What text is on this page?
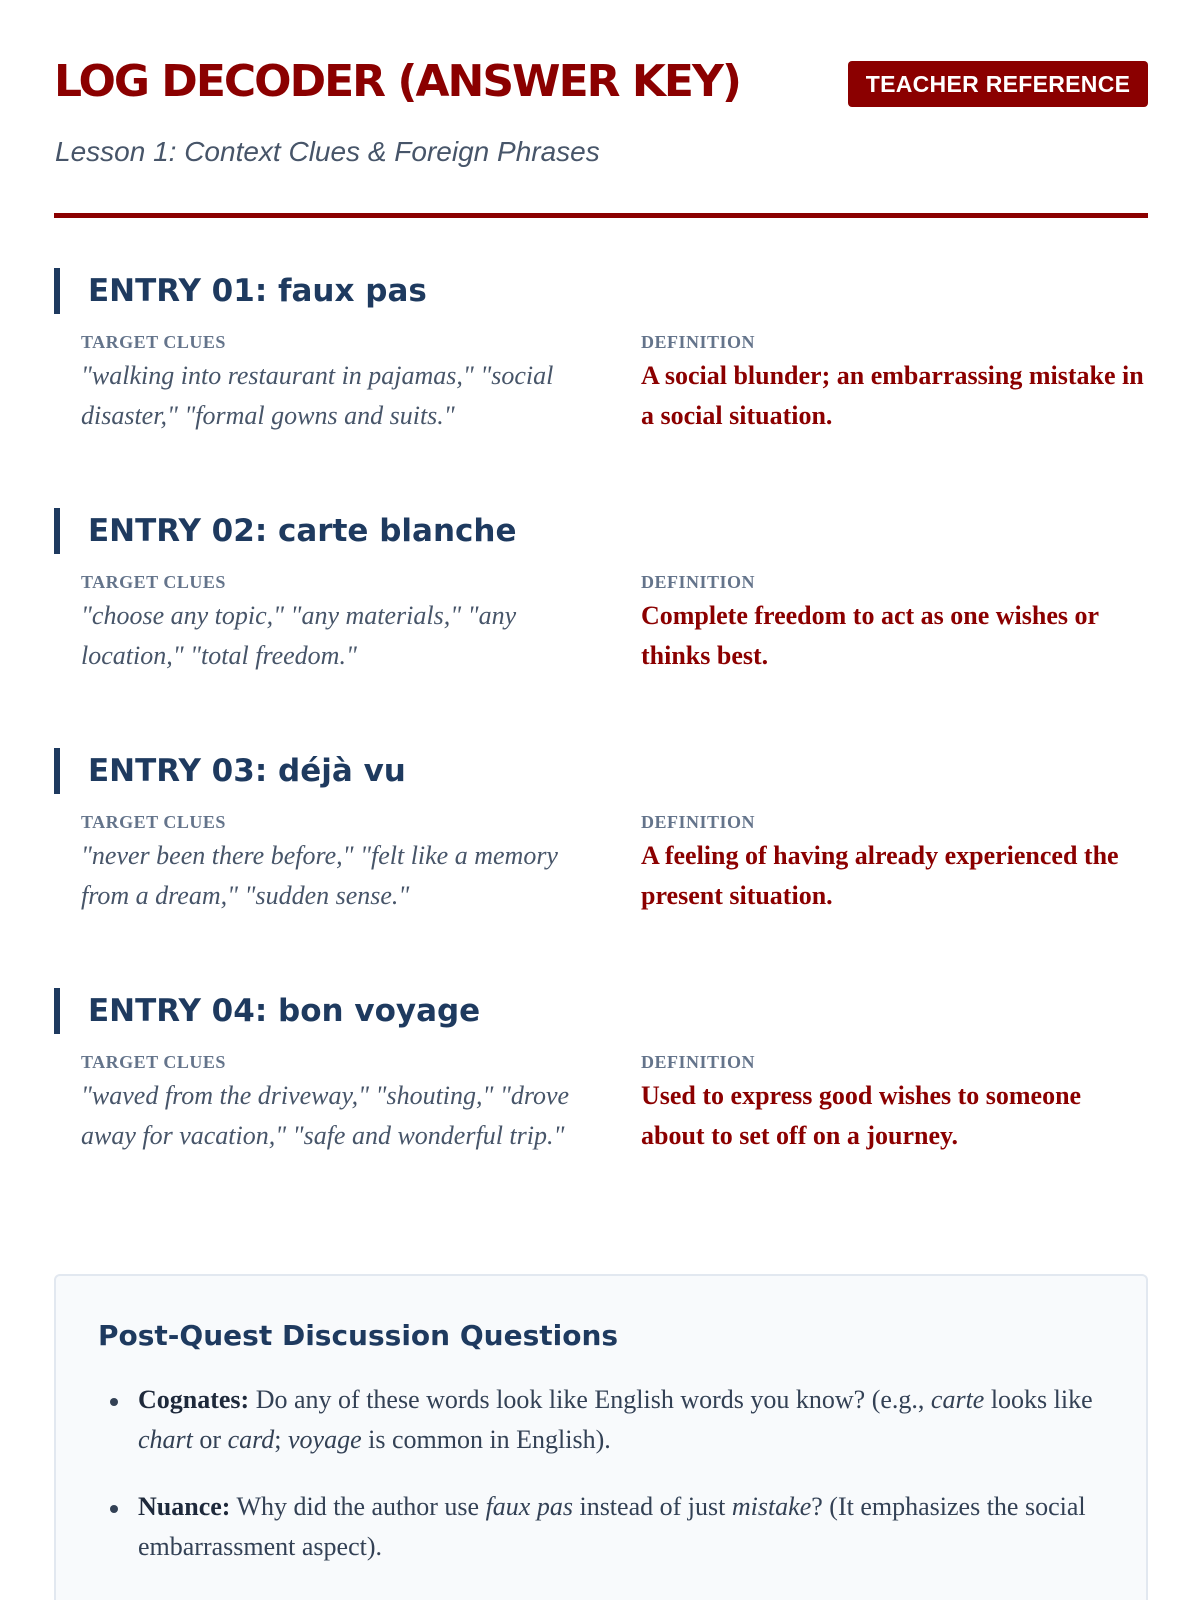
LOG DECODER (ANSWER KEY)	TEACHER REFERENCE

Lesson 1: Context Clues & Foreign Phrases

ENTRY 01: faux pas
TARGET CLUES

"walking into restaurant in pajamas," "social disaster," "formal gowns and suits."

DEFINITION

A social blunder; an embarrassing mistake in a social situation.

ENTRY 02: carte blanche
TARGET CLUES

"choose any topic," "any materials," "any location," "total freedom."

DEFINITION

Complete freedom to act as one wishes or thinks best.

ENTRY 03: déjà vu
TARGET CLUES

"never been there before," "felt like a memory from a dream," "sudden sense."

DEFINITION

A feeling of having already experienced the present situation.

ENTRY 04: bon voyage
TARGET CLUES

"waved from the driveway," "shouting," "drove away for vacation," "safe and wonderful trip."

DEFINITION

Used to express good wishes to someone about to set off on a journey.

Post-Quest Discussion Questions
Cognates: Do any of these words look like English words you know? (e.g., carte looks like chart or card; voyage is common in English).
Nuance: Why did the author use faux pas instead of just mistake? (It emphasizes the social embarrassment aspect).
